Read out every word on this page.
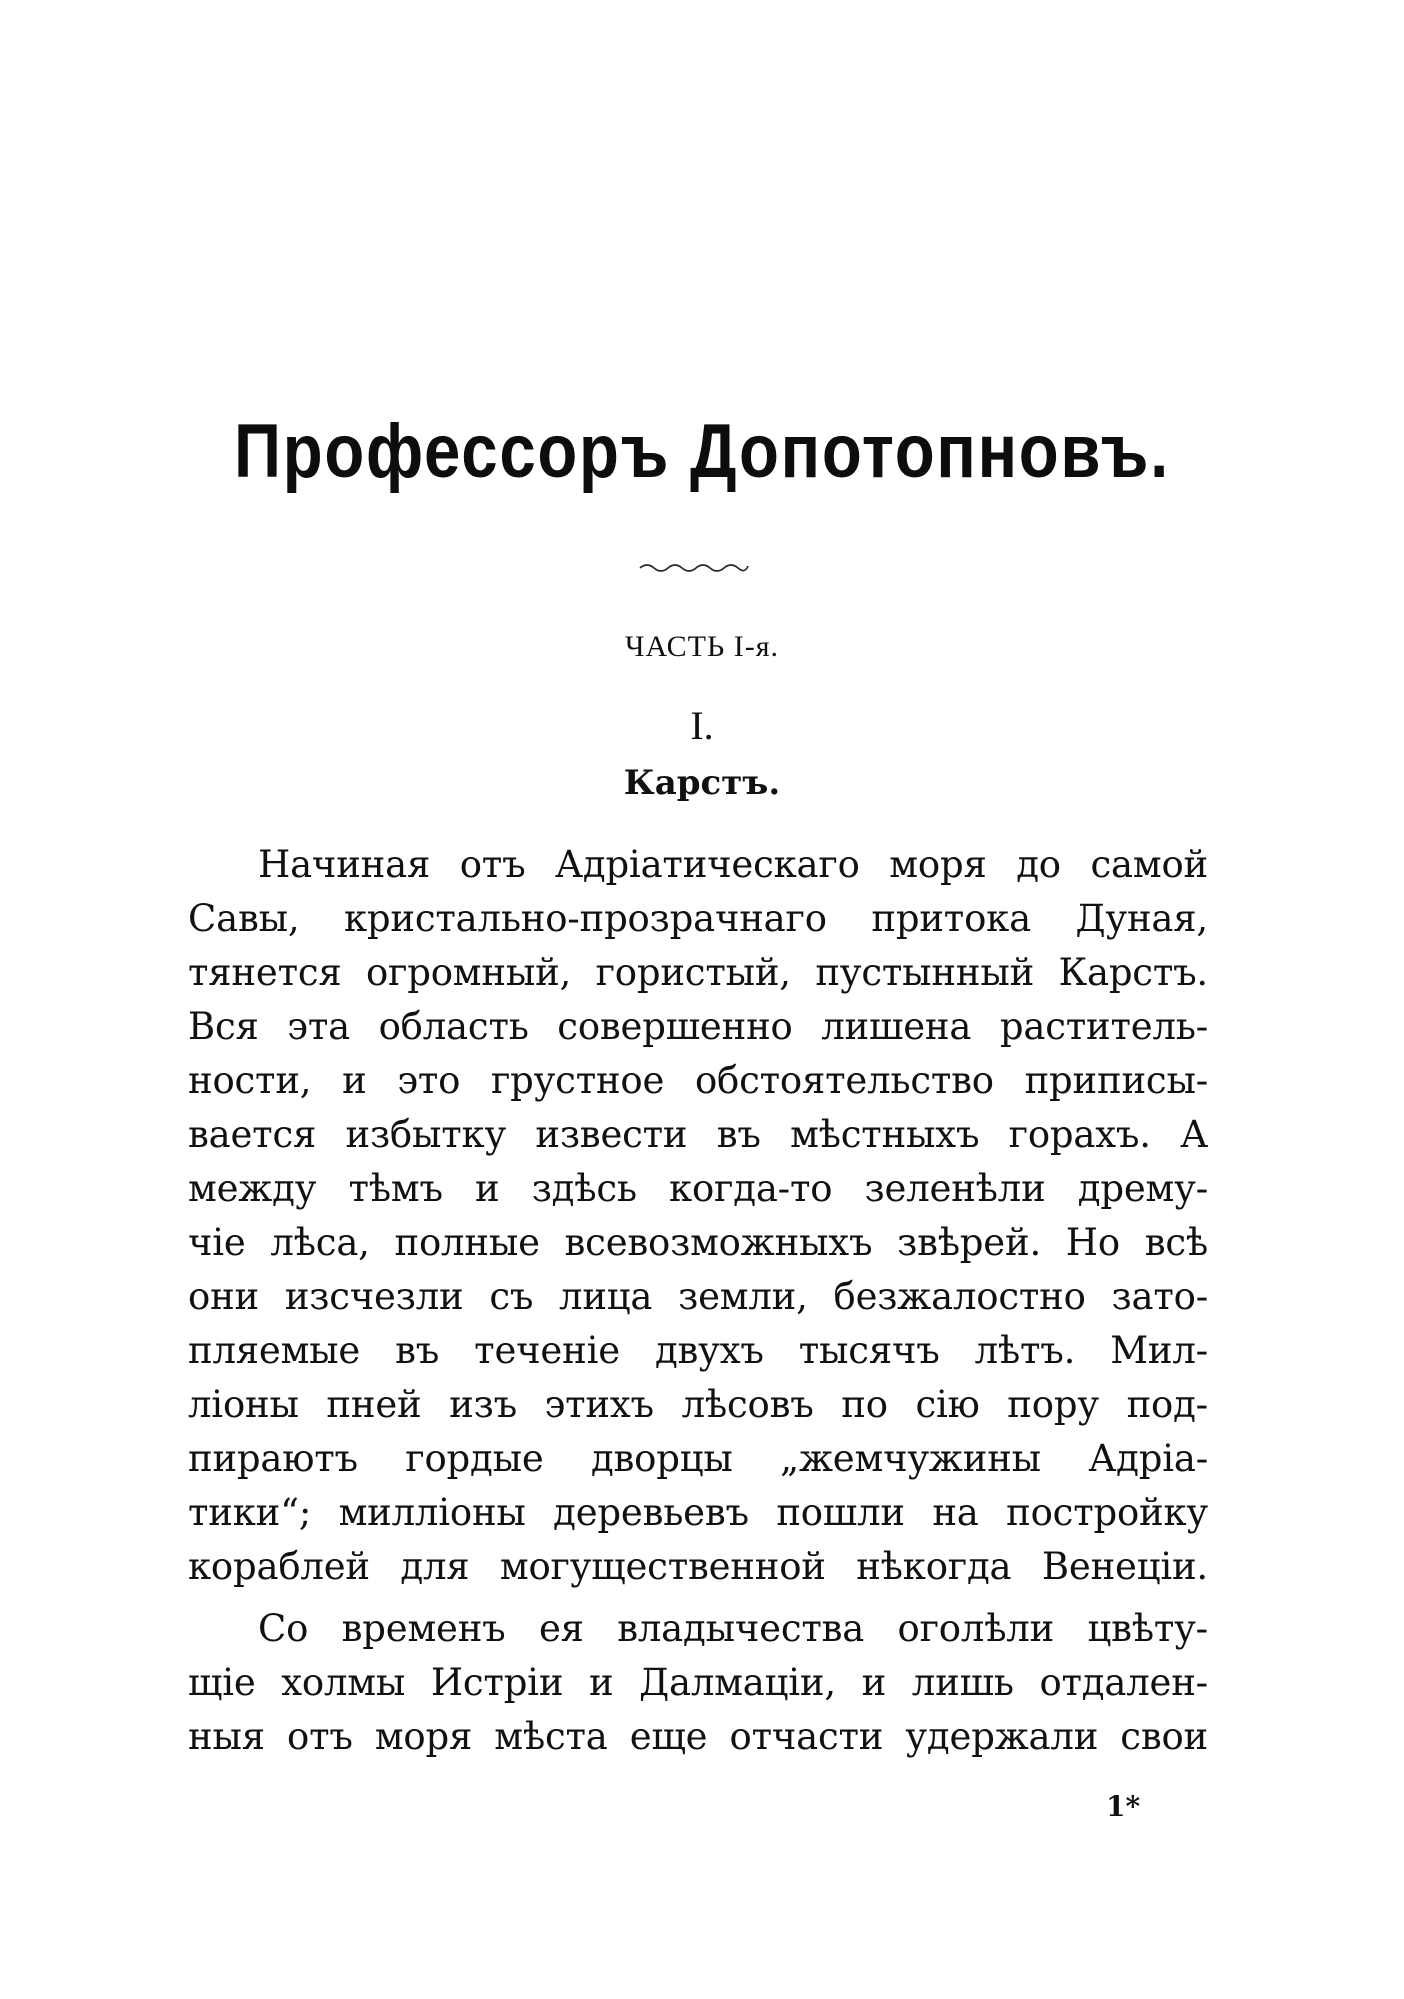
Профессоръ Допотопновъ.
ЧАСТЬ I-я.
I.
Карстъ.
Начиная отъ Адріатическаго моря до самой
Савы, кристально-прозрачнаго притока Дуная,
тянется огромный, гористый, пустынный Карстъ.
Вся эта область совершенно лишена раститель-
ности, и это грустное обстоятельство приписы-
вается избытку извести въ мѣстныхъ горахъ. А
между тѣмъ и здѣсь когда-то зеленѣли дрему-
чіе лѣса, полные всевозможныхъ звѣрей. Но всѣ
они изсчезли съ лица земли, безжалостно зато-
пляемые въ теченіе двухъ тысячъ лѣтъ. Мил-
ліоны пней изъ этихъ лѣсовъ по сію пору под-
пираютъ гордые дворцы „жемчужины Адріа-
тики“; милліоны деревьевъ пошли на постройку
кораблей для могущественной нѣкогда Венеціи.
Со временъ ея владычества оголѣли цвѣту-
щіе холмы Истріи и Далмаціи, и лишь отдален-
ныя отъ моря мѣста еще отчасти удержали свои
1*
